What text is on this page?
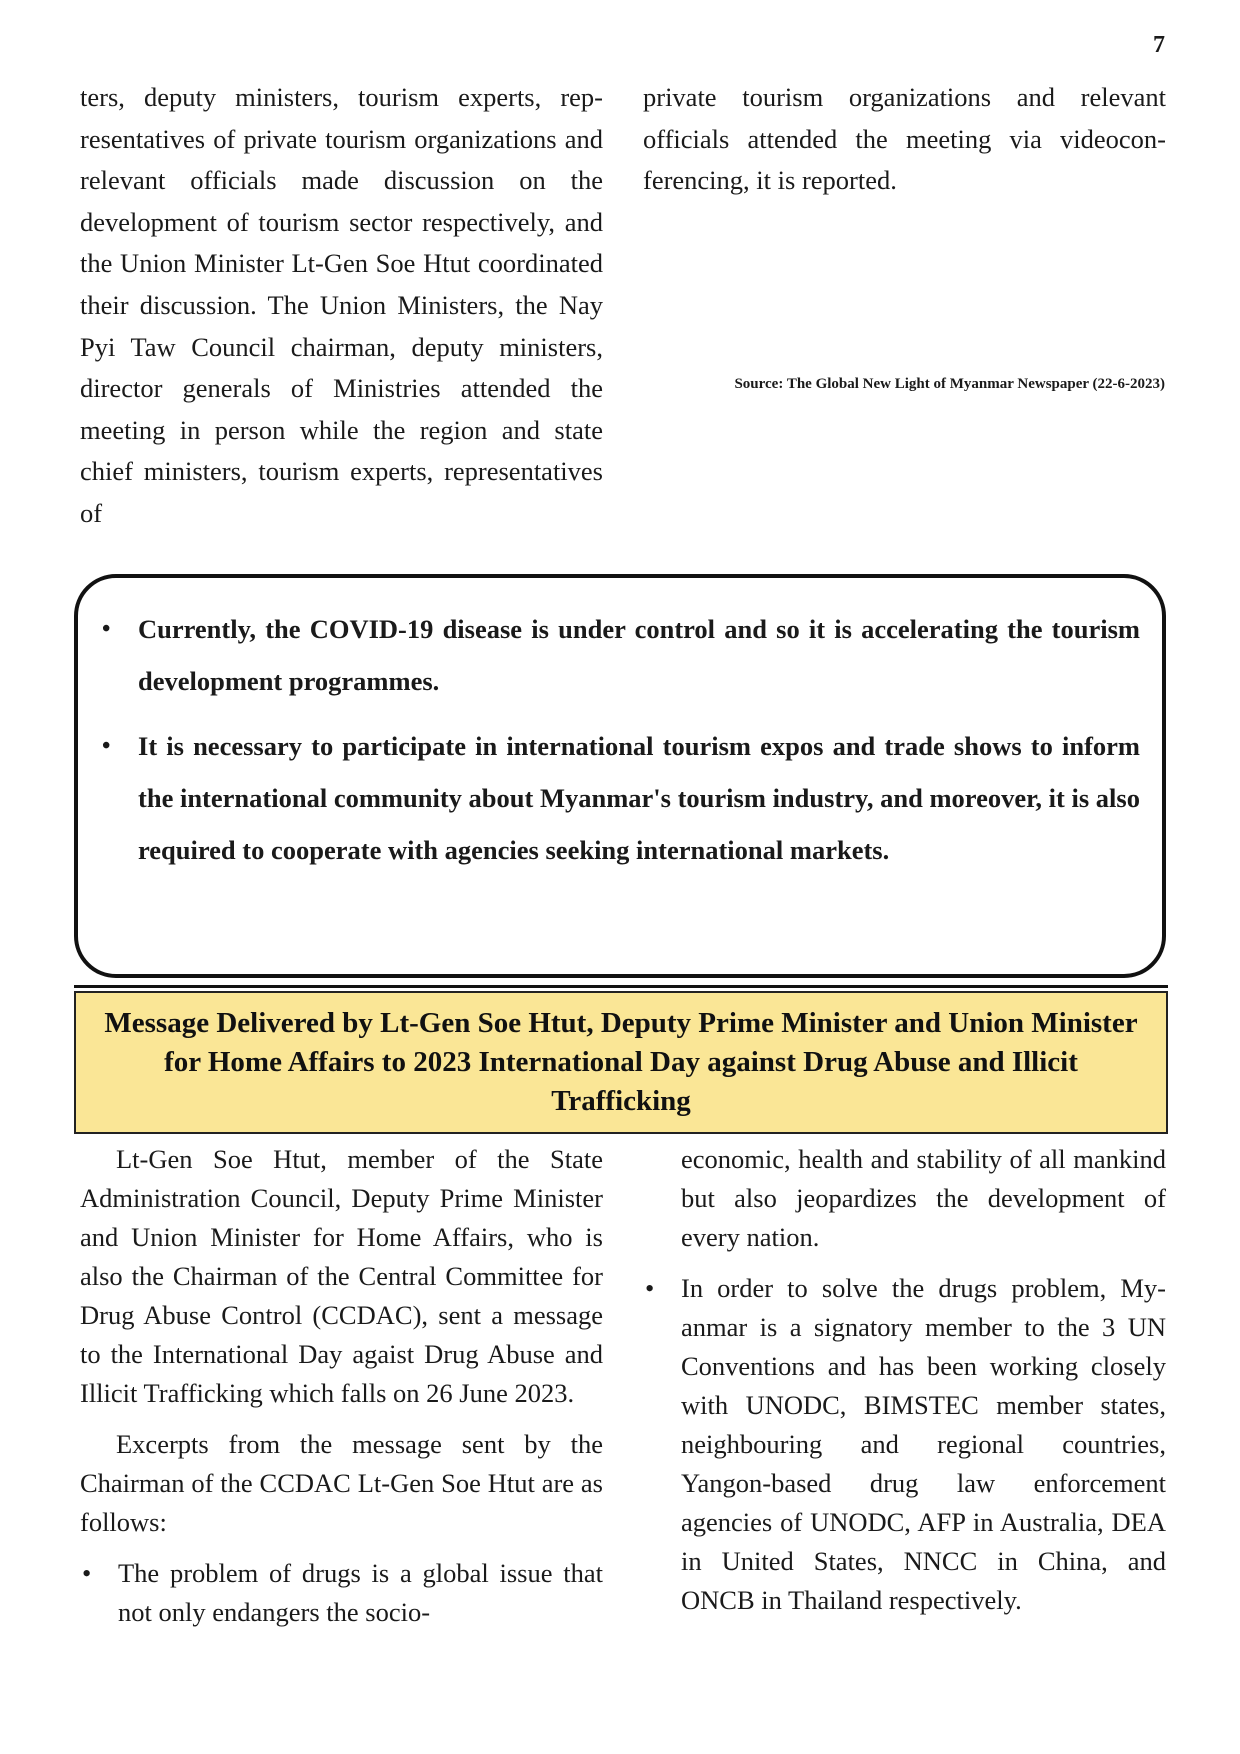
7

ters, deputy ministers, tourism experts, representatives of private tourism organizations and relevant officials made discussion on the development of tourism sector respectively, and the Union Minister Lt-Gen Soe Htut coordinated their discussion. The Union Ministers, the Nay Pyi Taw Council chairman, deputy ministers, director generals of Ministries attended the meeting in person while the region and state chief ministers, tourism experts, representatives of

private tourism organizations and relevant officials attended the meeting via videoconferencing, it is reported.

Source: The Global New Light of Myanmar Newspaper (22-6-2023)
• Currently, the COVID-19 disease is under control and so it is accelerating the tourism development programmes.
• It is necessary to participate in international tourism expos and trade shows to inform the international community about Myanmar's tourism industry, and moreover, it is also required to cooperate with agencies seeking international markets.
Message Delivered by Lt-Gen Soe Htut, Deputy Prime Minister and Union Minister for Home Affairs to 2023 International Day against Drug Abuse and Illicit Trafficking

Lt-Gen Soe Htut, member of the State Administration Council, Deputy Prime Minister and Union Minister for Home Affairs, who is also the Chairman of the Central Committee for Drug Abuse Control (CCDAC), sent a message to the International Day agaist Drug Abuse and Illicit Trafficking which falls on 26 June 2023.

Excerpts from the message sent by the Chairman of the CCDAC Lt-Gen Soe Htut are as follows:

• The problem of drugs is a global issue that not only endangers the socio-

economic, health and stability of all mankind but also jeopardizes the development of every nation.

• In order to solve the drugs problem, Myanmar is a signatory member to the 3 UN Conventions and has been working closely with UNODC, BIMSTEC member states, neighbouring and regional countries, Yangon-based drug law enforcement agencies of UNODC, AFP in Australia, DEA in United States, NNCC in China, and ONCB in Thailand respectively.
